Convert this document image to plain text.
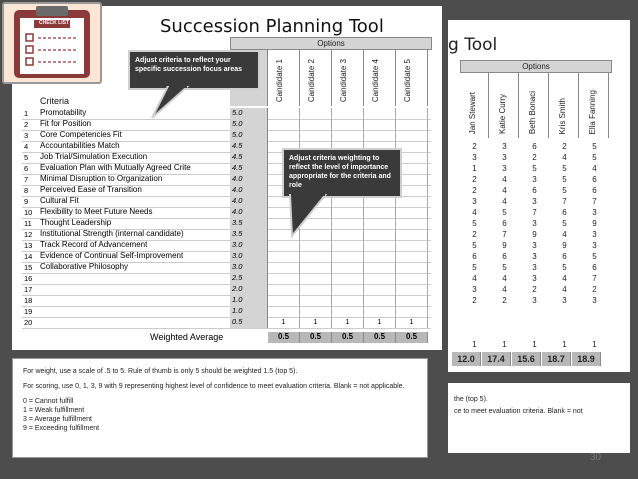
g Tool
Options
Jan Stewart	Katie Curry	Beth Bonaci	Kris Smith	Ella Fanning
2	3	6	2	5
3	3	2	4	5
1	3	5	5	4
2	4	3	5	6
2	4	6	5	6
3	4	3	7	7
4	5	7	6	3
5	6	3	5	9
2	7	9	4	3
5	9	3	9	3
6	6	3	6	5
5	5	3	5	6
4	4	3	4	7
3	4	2	4	2
2	2	3	3	3
1	1	1	1	1
12.0	17.4	15.6	18.7	18.9
the (top 5).
ce to meet evaluation criteria. Blank = not
30
Succession Planning Tool
Options
Candidate 1	Candidate 2	Candidate 3	Candidate 4	Candidate 5
Criteria
1	Promotability	5.0
2	Fit for Position	5.0
3	Core Competencies Fit	5.0
4	Accountabilities Match	4.5
5	Job Trial/Simulation Execution	4.5
6	Evaluation Plan with Mutually Agreed Crite	4.5
7	Minimal Disruption to Organization	4.0
8	Perceived Ease of Transition	4.0
9	Cultural Fit	4.0
10 Flexibility to Meet Future Needs	4.0
11	Thought Leadership	3.5
12 Institutional Strength (internal candidate)	3.5
13 Track Record of Advancement	3.0
14 Evidence of Continual Self-Improvement	3.0
15 Collaborative Philosophy	3.0
16	2.5
17	2.0
18	1.0
19	1.0
20	0.5	1	1	1	1	1
Weighted Average	0.5	0.5	0.5	0.5	0.5
Adjust criteria to reflect your specific succession focus areas
Adjust criteria weighting to reflect the level of importance appropriate for the criteria and role

For weight, use a scale of .5 to 5. Rule of thumb is only 5 should be weighted 1.5 (top 5).

For scoring, use 0, 1, 3, 9 with 9 representing highest level of confidence to meet evaluation criteria. Blank = not applicable.

0 = Cannot fulfill
1 = Weak fulfillment
3 = Average fulfillment
9 = Exceeding fulfillment
CHECK LIST
